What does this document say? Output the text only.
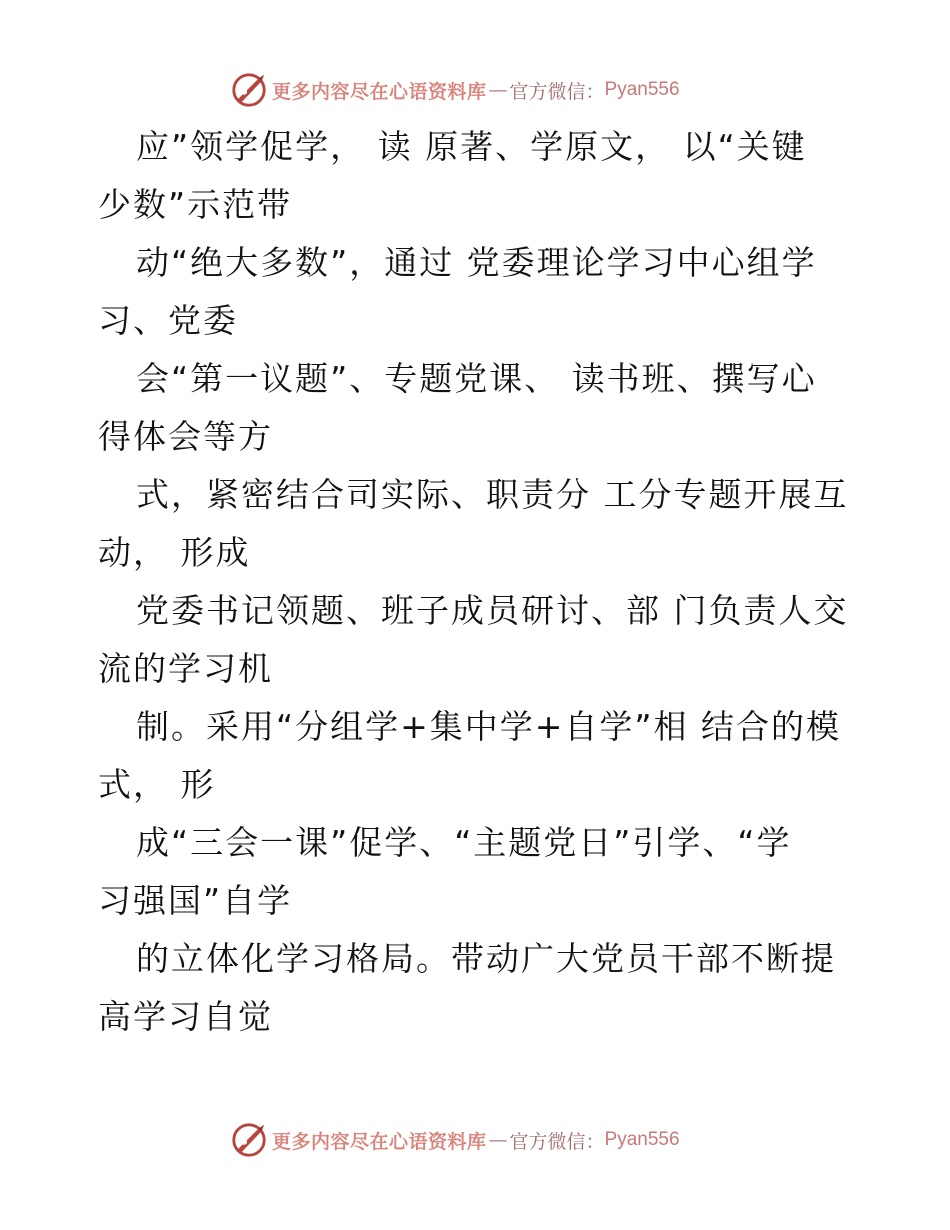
更多内容尽在心语资料库 — 官方微信： Pyan556
应”领学促学， 读 原著、学原文， 以“关键
少数”示范带
动“绝大多数”，通过 党委理论学习中心组学
习、党委
会“第一议题”、专题党课、 读书班、撰写心
得体会等方
式，紧密结合司实际、职责分 工分专题开展互
动， 形成
党委书记领题、班子成员研讨、部 门负责人交
流的学习机
制。采用“分组学+集中学+自学”相 结合的模
式， 形
成“三会一课”促学、“主题党日”引学、“学
习强国”自学
的立体化学习格局。带动广大党员干部不断提
高学习自觉
更多内容尽在心语资料库 — 官方微信： Pyan556
